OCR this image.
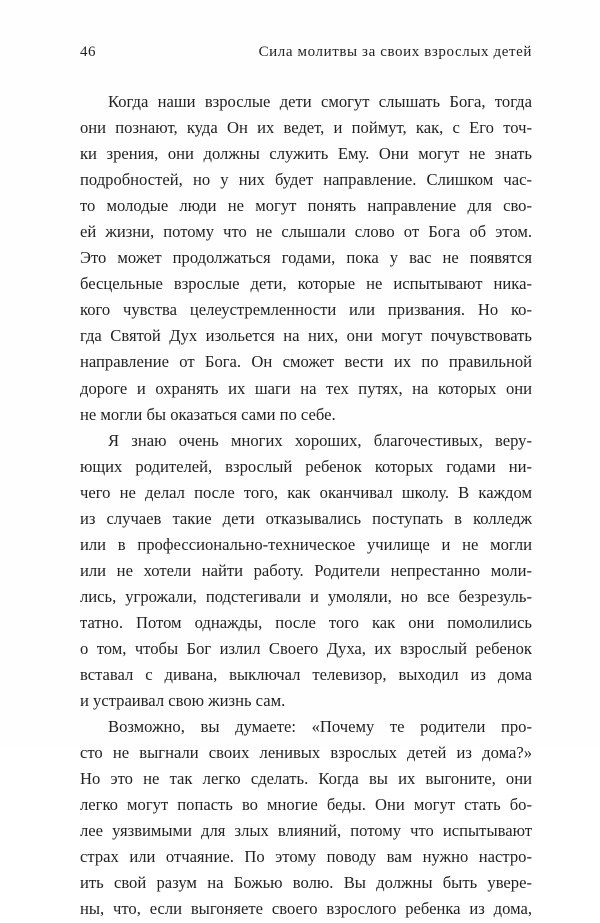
46	Сила молитвы за своих взрослых детей
Когда наши взрослые дети смогут слышать Бога, тогда
они познают, куда Он их ведет, и поймут, как, с Его точ-
ки зрения, они должны служить Ему. Они могут не знать
подробностей, но у них будет направление. Слишком час-
то молодые люди не могут понять направление для сво-
ей жизни, потому что не слышали слово от Бога об этом.
Это может продолжаться годами, пока у вас не появятся
бесцельные взрослые дети, которые не испытывают ника-
кого чувства целеустремленности или призвания. Но ко-
гда Святой Дух изольется на них, они могут почувствовать
направление от Бога. Он сможет вести их по правильной
дороге и охранять их шаги на тех путях, на которых они
не могли бы оказаться сами по себе.
Я знаю очень многих хороших, благочестивых, веру-
ющих родителей, взрослый ребенок которых годами ни-
чего не делал после того, как оканчивал школу. В каждом
из случаев такие дети отказывались поступать в колледж
или в профессионально-техническое училище и не могли
или не хотели найти работу. Родители непрестанно моли-
лись, угрожали, подстегивали и умоляли, но все безрезуль-
татно. Потом однажды, после того как они помолились
о том, чтобы Бог излил Своего Духа, их взрослый ребенок
вставал с дивана, выключал телевизор, выходил из дома
и устраивал свою жизнь сам.
Возможно, вы думаете: «Почему те родители про-
сто не выгнали своих ленивых взрослых детей из дома?»
Но это не так легко сделать. Когда вы их выгоните, они
легко могут попасть во многие беды. Они могут стать бо-
лее уязвимыми для злых влияний, потому что испытывают
страх или отчаяние. По этому поводу вам нужно настро-
ить свой разум на Божью волю. Вы должны быть увере-
ны, что, если выгоняете своего взрослого ребенка из дома,
